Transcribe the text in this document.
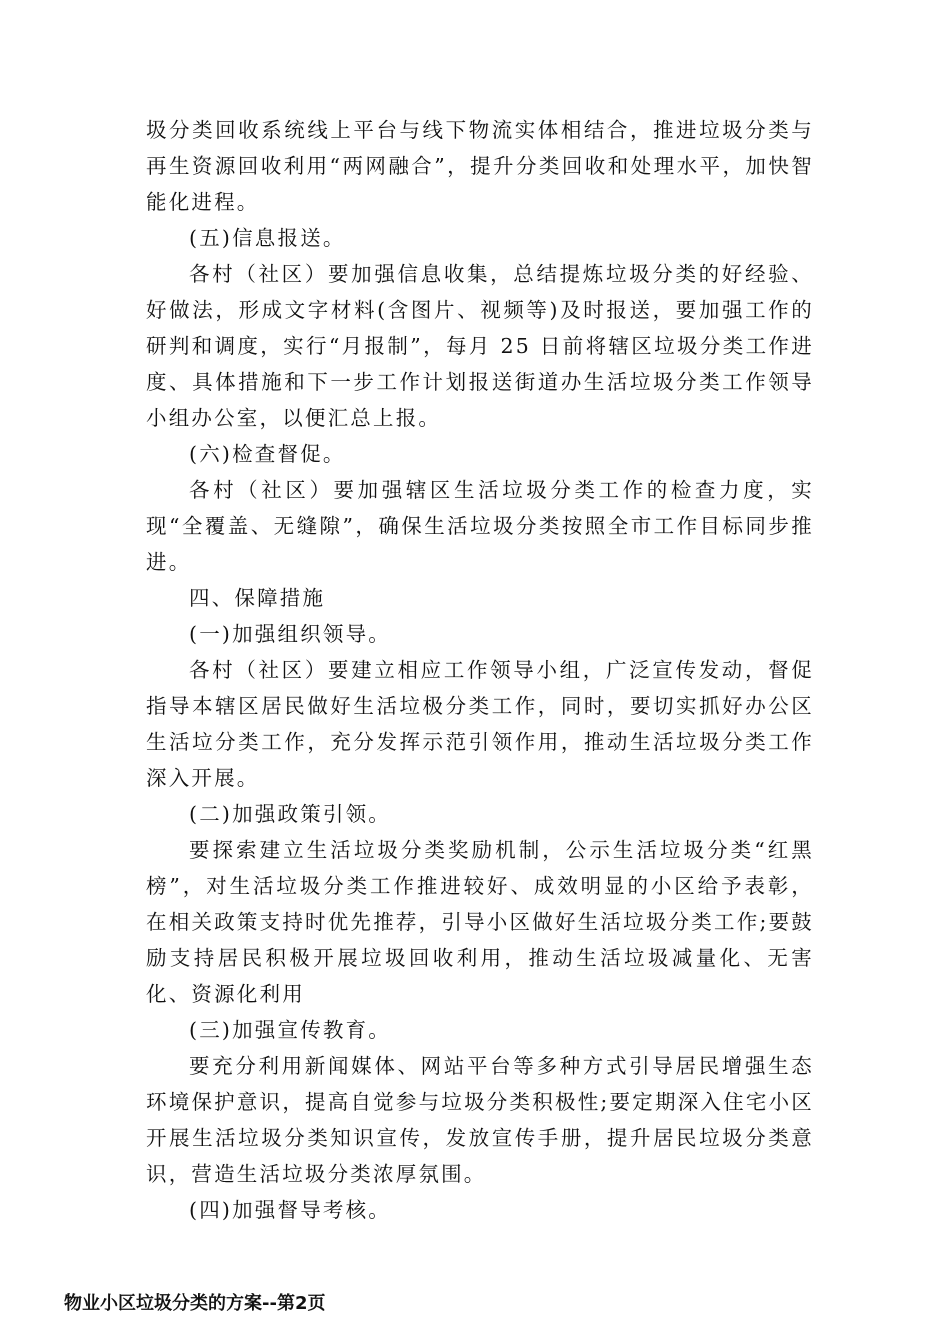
圾分类回收系统线上平台与线下物流实体相结合，推进垃圾分类与再生资源回收利用“两网融合”，提升分类回收和处理水平，加快智能化进程。

(五)信息报送。

各村（社区）要加强信息收集，总结提炼垃圾分类的好经验、好做法，形成文字材料(含图片、视频等)及时报送，要加强工作的研判和调度，实行“月报制”，每月 25 日前将辖区垃圾分类工作进度、具体措施和下一步工作计划报送街道办生活垃圾分类工作领导小组办公室，以便汇总上报。

(六)检查督促。

各村（社区）要加强辖区生活垃圾分类工作的检查力度，实现“全覆盖、无缝隙”，确保生活垃圾分类按照全市工作目标同步推进。

四、保障措施

(一)加强组织领导。

各村（社区）要建立相应工作领导小组，广泛宣传发动，督促指导本辖区居民做好生活垃极分类工作，同时，要切实抓好办公区生活垃分类工作，充分发挥示范引领作用，推动生活垃圾分类工作深入开展。

(二)加强政策引领。

要探索建立生活垃圾分类奖励机制，公示生活垃圾分类“红黑榜”，对生活垃圾分类工作推进较好、成效明显的小区给予表彰，在相关政策支持时优先推荐，引导小区做好生活垃圾分类工作;要鼓励支持居民积极开展垃圾回收利用，推动生活垃圾减量化、无害化、资源化利用

(三)加强宣传教育。

要充分利用新闻媒体、网站平台等多种方式引导居民增强生态环境保护意识，提高自觉参与垃圾分类积极性;要定期深入住宅小区开展生活垃圾分类知识宣传，发放宣传手册，提升居民垃圾分类意识，营造生活垃圾分类浓厚氛围。

(四)加强督导考核。

物业小区垃圾分类的方案--第2页
